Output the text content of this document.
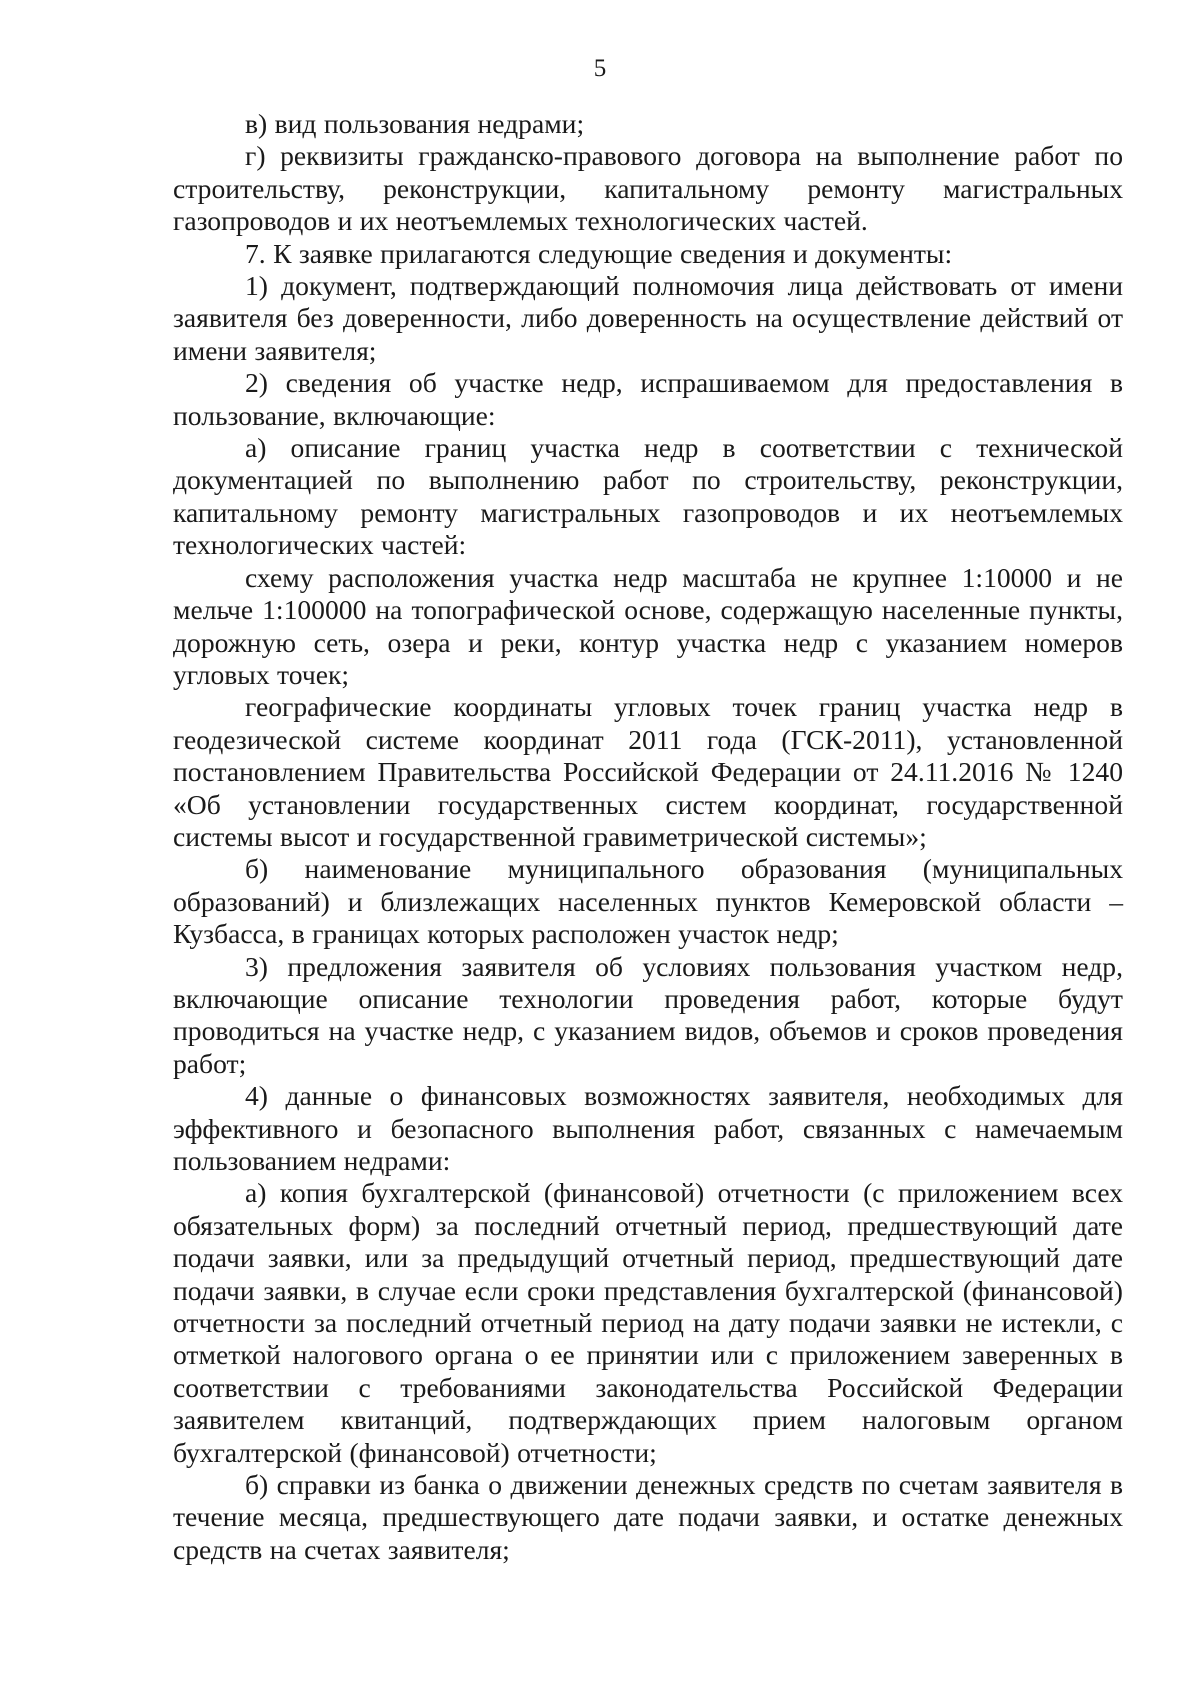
5

в) вид пользования недрами;

г) реквизиты гражданско-правового договора на выполнение работ по строительству, реконструкции, капитальному ремонту магистральных газопроводов и их неотъемлемых технологических частей.

7. К заявке прилагаются следующие сведения и документы:

1) документ, подтверждающий полномочия лица действовать от имени заявителя без доверенности, либо доверенность на осуществление действий от имени заявителя;

2) сведения об участке недр, испрашиваемом для предоставления в пользование, включающие:

а) описание границ участка недр в соответствии с технической документацией по выполнению работ по строительству, реконструкции, капитальному ремонту магистральных газопроводов и их неотъемлемых технологических частей:

схему расположения участка недр масштаба не крупнее 1:10000 и не мельче 1:100000 на топографической основе, содержащую населенные пункты, дорожную сеть, озера и реки, контур участка недр с указанием номеров угловых точек;

географические координаты угловых точек границ участка недр в геодезической системе координат 2011 года (ГСК-2011), установленной постановлением Правительства Российской Федерации от 24.11.2016 № 1240 «Об установлении государственных систем координат, государственной системы высот и государственной гравиметрической системы»;

б) наименование муниципального образования (муниципальных образований) и близлежащих населенных пунктов Кемеровской области – Кузбасса, в границах которых расположен участок недр;

3) предложения заявителя об условиях пользования участком недр, включающие описание технологии проведения работ, которые будут проводиться на участке недр, с указанием видов, объемов и сроков проведения работ;

4) данные о финансовых возможностях заявителя, необходимых для эффективного и безопасного выполнения работ, связанных с намечаемым пользованием недрами:

а) копия бухгалтерской (финансовой) отчетности (с приложением всех обязательных форм) за последний отчетный период, предшествующий дате подачи заявки, или за предыдущий отчетный период, предшествующий дате подачи заявки, в случае если сроки представления бухгалтерской (финансовой) отчетности за последний отчетный период на дату подачи заявки не истекли, с отметкой налогового органа о ее принятии или с приложением заверенных в соответствии с требованиями законодательства Российской Федерации заявителем квитанций, подтверждающих прием налоговым органом бухгалтерской (финансовой) отчетности;

б) справки из банка о движении денежных средств по счетам заявителя в течение месяца, предшествующего дате подачи заявки, и остатке денежных средств на счетах заявителя;
